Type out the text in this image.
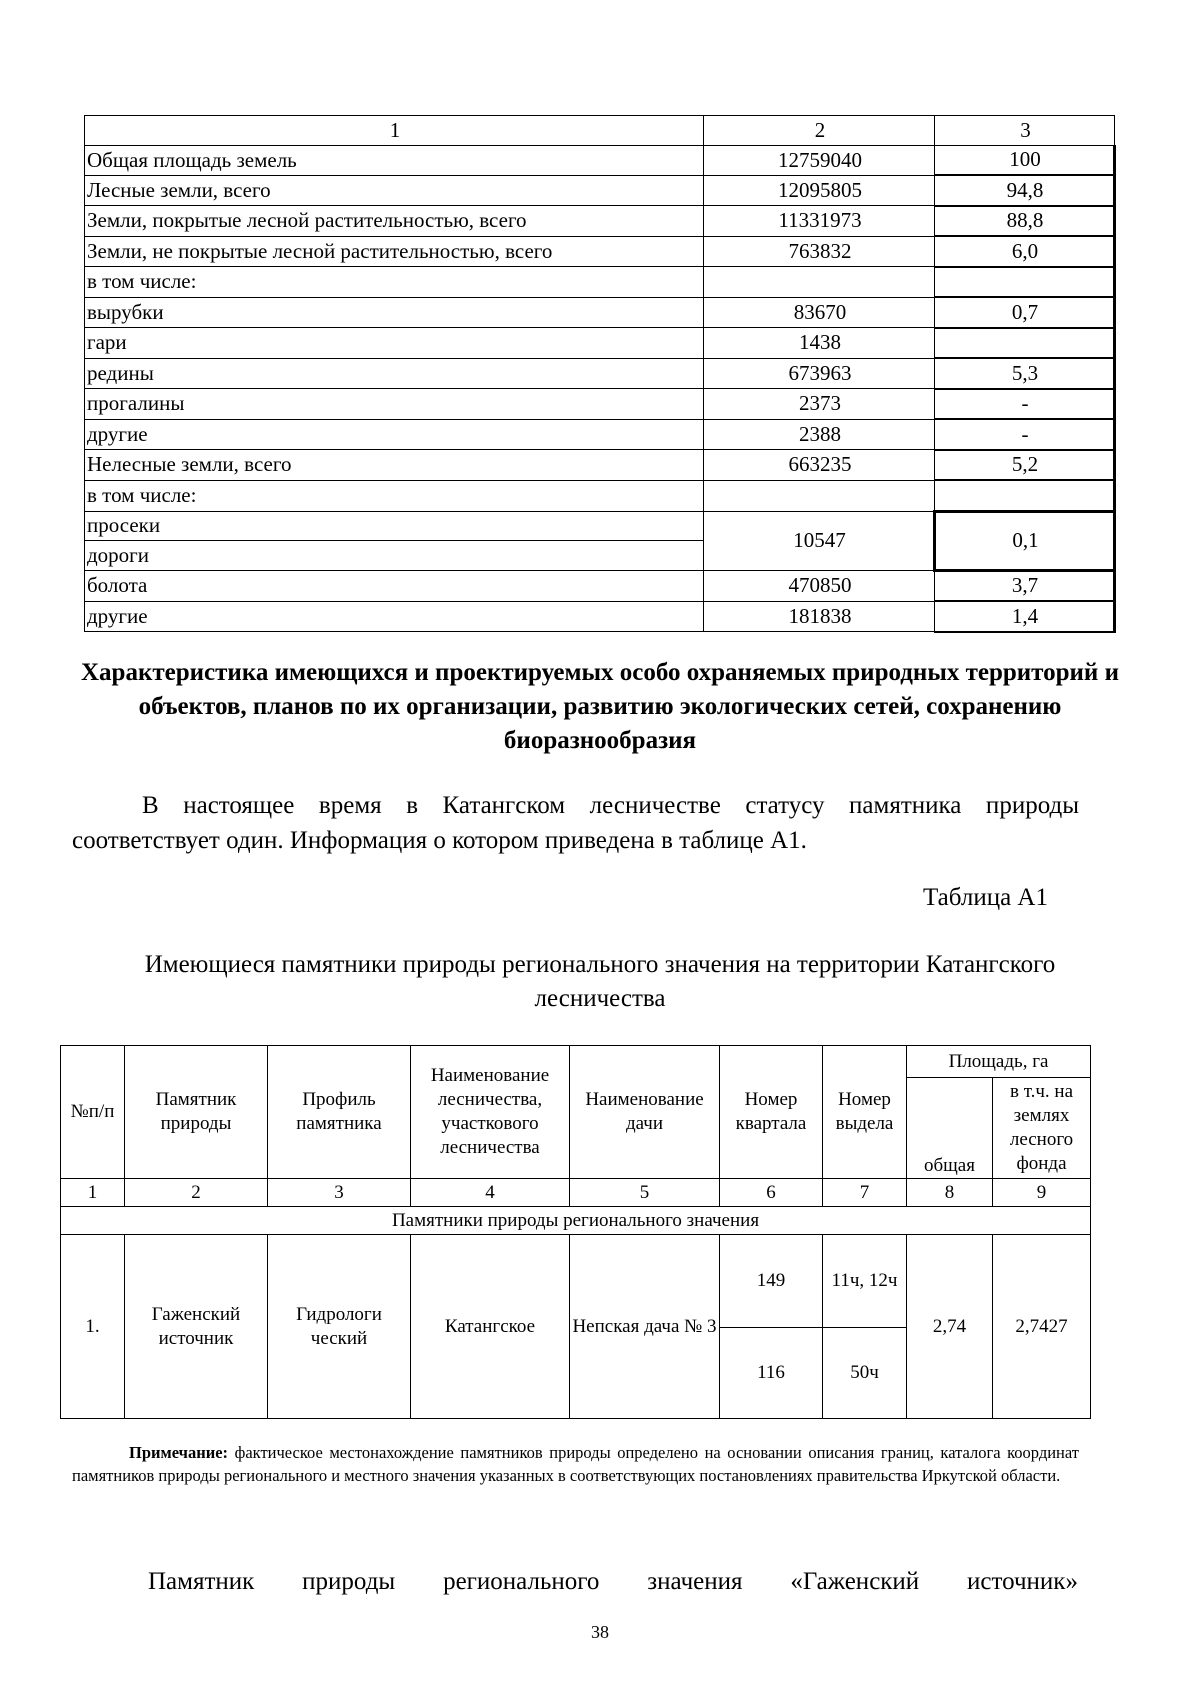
1	2	3
Общая площадь земель	12759040	100
Лесные земли, всего	12095805	94,8
Земли, покрытые лесной растительностью, всего	11331973	88,8
Земли, не покрытые лесной растительностью, всего	763832	6,0
в том числе:		
вырубки	83670	0,7
гари	1438	
редины	673963	5,3
прогалины	2373	-
другие	2388	-
Нелесные земли, всего	663235	5,2
в том числе:		
просеки	10547	0,1
дороги		
болота	470850	3,7
другие	181838	1,4
Характеристика имеющихся и проектируемых особо охраняемых природных территорий и объектов, планов по их организации, развитию экологических сетей, сохранению биоразнообразия
В настоящее время в Катангском лесничестве статусу памятника природы соответствует один. Информация о котором приведена в таблице А1.
Таблица А1
Имеющиеся памятники природы регионального значения на территории Катангского лесничества
№п/п	Памятник природы	Профиль памятника	Наименование лесничества, участкового лесничества	Наименование дачи	Номер квартала	Номер выдела	Площадь, га	
							общая	в т.ч. на землях лесного фонда
1	2	3	4	5	6	7	8	9
Памятники природы регионального значения								
1.	Гаженский источник	Гидрологи ческий	Катангское	Непская дача № 3	149	11ч, 12ч	2,74	2,7427
					116	50ч		
Примечание: фактическое местонахождение памятников природы определено на основании описания границ, каталога координат памятников природы регионального и местного значения указанных в соответствующих постановлениях правительства Иркутской области.
Памятник природы регионального значения «Гаженский источник»
38
